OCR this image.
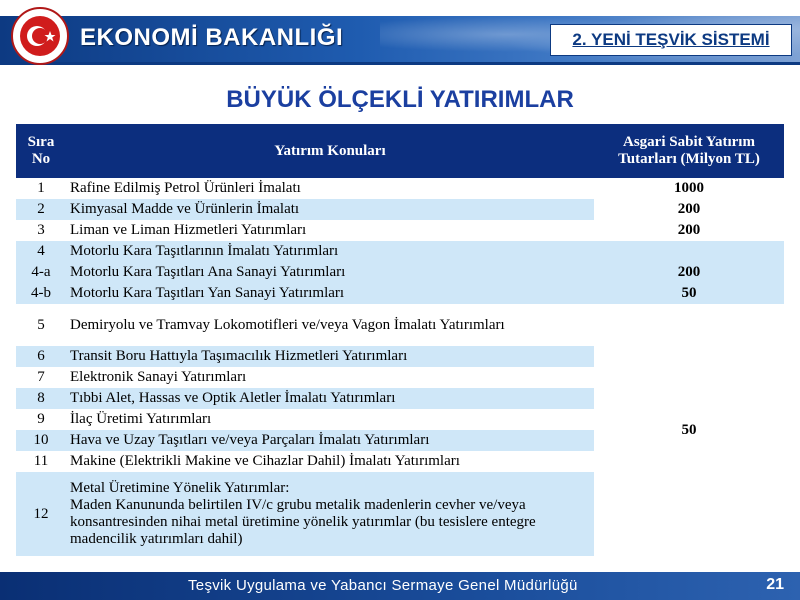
EKONOMİ BAKANLIĞI	2. YENİ TEŞVİK SİSTEMİ
BÜYÜK ÖLÇEKLİ YATIRIMLAR
Sıra
No	Yatırım Konuları	Asgari Sabit Yatırım
Tutarları (Milyon TL)
1	Rafine Edilmiş Petrol Ürünleri İmalatı	1000
2	Kimyasal Madde ve Ürünlerin İmalatı	200
3	Liman ve Liman Hizmetleri Yatırımları	200
4	Motorlu Kara Taşıtlarının İmalatı Yatırımları	
4-a	Motorlu Kara Taşıtları Ana Sanayi Yatırımları	200
4-b	Motorlu Kara Taşıtları Yan Sanayi Yatırımları	50
5	Demiryolu ve Tramvay Lokomotifleri ve/veya Vagon İmalatı Yatırımları	50
6	Transit Boru Hattıyla Taşımacılık Hizmetleri Yatırımları	
7	Elektronik Sanayi Yatırımları	
8	Tıbbi Alet, Hassas ve Optik Aletler İmalatı Yatırımları	
9	İlaç Üretimi Yatırımları	
10	Hava ve Uzay Taşıtları ve/veya Parçaları İmalatı Yatırımları	
11	Makine (Elektrikli Makine ve Cihazlar Dahil) İmalatı Yatırımları	
12	Metal Üretimine Yönelik Yatırımlar:
Maden Kanununda belirtilen IV/c grubu metalik madenlerin cevher ve/veya konsantresinden nihai metal üretimine yönelik yatırımlar (bu tesislere entegre madencilik yatırımları dahil)	
Teşvik Uygulama ve Yabancı Sermaye Genel Müdürlüğü	21
